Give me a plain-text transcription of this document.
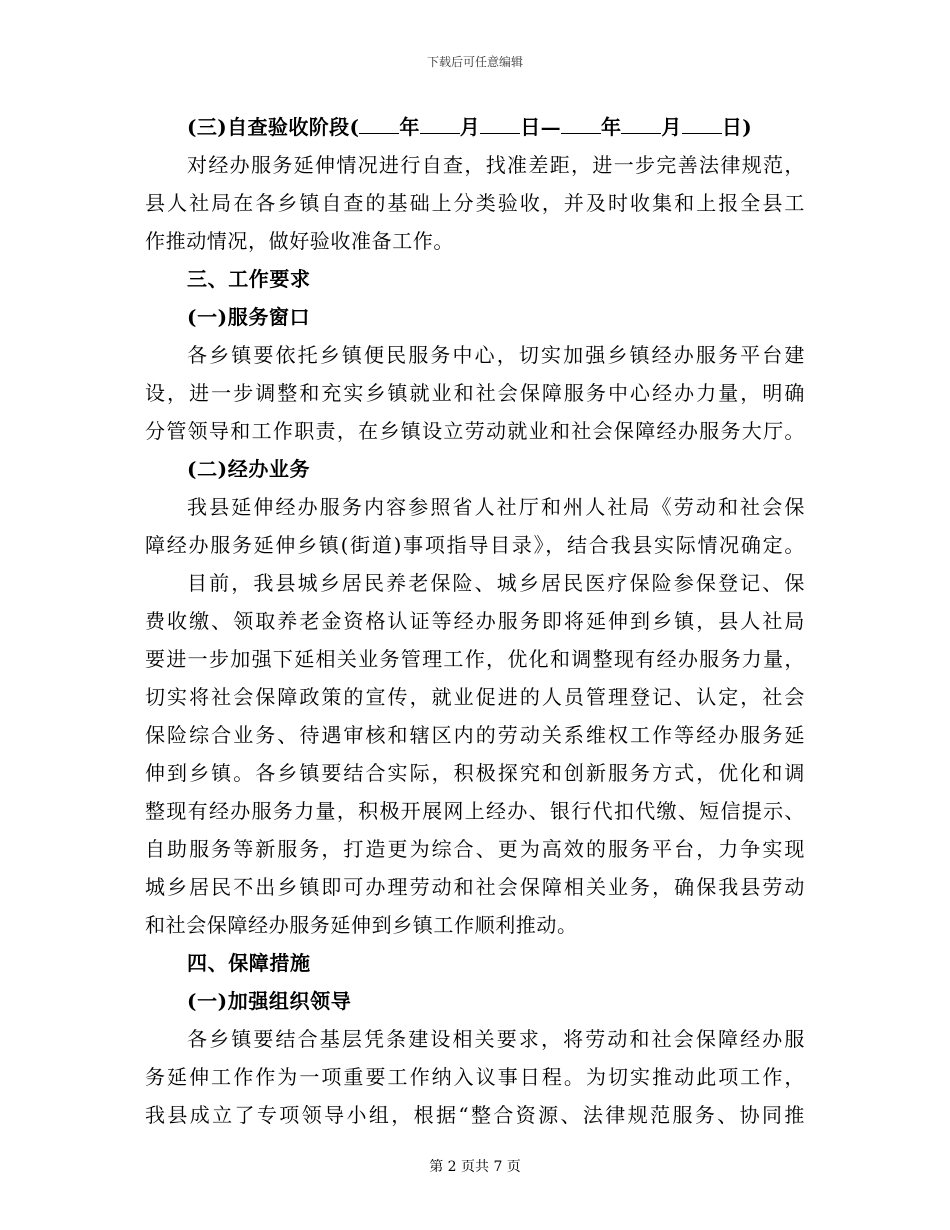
下载后可任意编辑
(三)自查验收阶段( 年 月 日— 年 月 日)
对经办服务延伸情况进行自查，找准差距，进一步完善法律规范，
县人社局在各乡镇自查的基础上分类验收，并及时收集和上报全县工
作推动情况，做好验收准备工作。
三、工作要求
(一)服务窗口
各乡镇要依托乡镇便民服务中心，切实加强乡镇经办服务平台建
设，进一步调整和充实乡镇就业和社会保障服务中心经办力量，明确
分管领导和工作职责，在乡镇设立劳动就业和社会保障经办服务大厅。
(二)经办业务
我县延伸经办服务内容参照省人社厅和州人社局《劳动和社会保
障经办服务延伸乡镇(街道)事项指导目录》，结合我县实际情况确定。
目前，我县城乡居民养老保险、城乡居民医疗保险参保登记、保
费收缴、领取养老金资格认证等经办服务即将延伸到乡镇，县人社局
要进一步加强下延相关业务管理工作，优化和调整现有经办服务力量，
切实将社会保障政策的宣传，就业促进的人员管理登记、认定，社会
保险综合业务、待遇审核和辖区内的劳动关系维权工作等经办服务延
伸到乡镇。各乡镇要结合实际，积极探究和创新服务方式，优化和调
整现有经办服务力量，积极开展网上经办、银行代扣代缴、短信提示、
自助服务等新服务，打造更为综合、更为高效的服务平台，力争实现
城乡居民不出乡镇即可办理劳动和社会保障相关业务，确保我县劳动
和社会保障经办服务延伸到乡镇工作顺利推动。
四、保障措施
(一)加强组织领导
各乡镇要结合基层凭条建设相关要求，将劳动和社会保障经办服
务延伸工作作为一项重要工作纳入议事日程。为切实推动此项工作，
我县成立了专项领导小组，根据“整合资源、法律规范服务、协同推
第 2 页共 7 页
